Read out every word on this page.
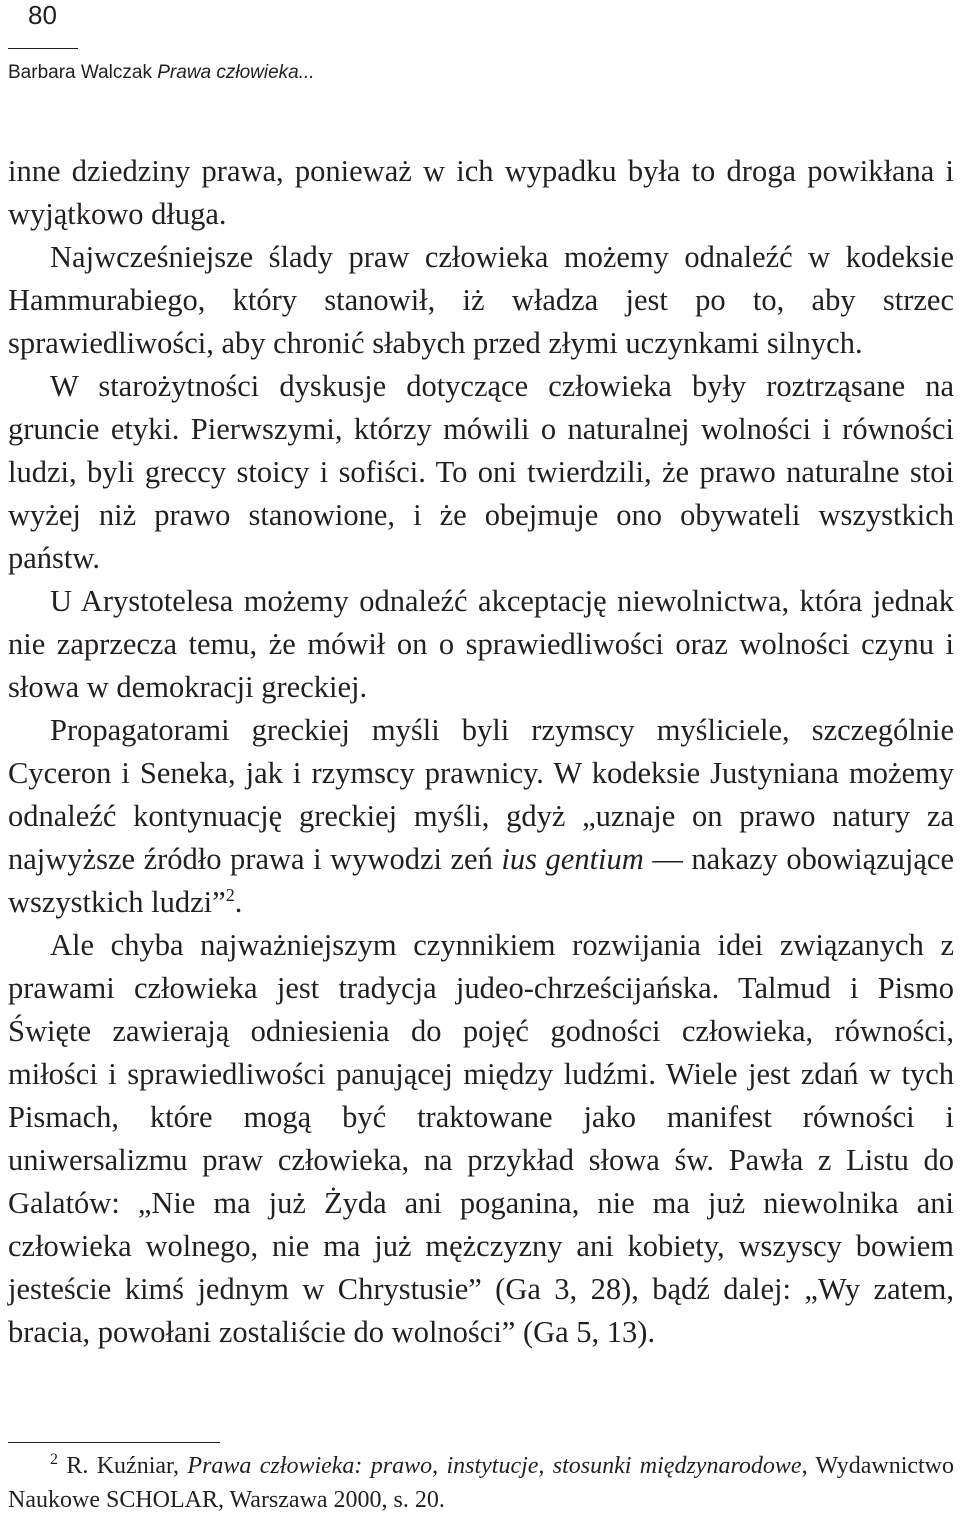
80
Barbara Walczak Prawa człowieka...

inne dziedziny prawa, ponieważ w ich wypadku była to droga powikłana i wyjątkowo długa.

Najwcześniejsze ślady praw człowieka możemy odnaleźć w kodeksie Hammurabiego, który stanowił, iż władza jest po to, aby strzec sprawiedliwości, aby chronić słabych przed złymi uczynkami silnych.

W starożytności dyskusje dotyczące człowieka były roztrząsane na gruncie etyki. Pierwszymi, którzy mówili o naturalnej wolności i równości ludzi, byli greccy stoicy i sofiści. To oni twierdzili, że prawo naturalne stoi wyżej niż prawo stanowione, i że obejmuje ono obywateli wszystkich państw.

U Arystotelesa możemy odnaleźć akceptację niewolnictwa, która jednak nie zaprzecza temu, że mówił on o sprawiedliwości oraz wolności czynu i słowa w demokracji greckiej.

Propagatorami greckiej myśli byli rzymscy myśliciele, szczególnie Cyceron i Seneka, jak i rzymscy prawnicy. W kodeksie Justyniana możemy odnaleźć kontynuację greckiej myśli, gdyż „uznaje on prawo natury za najwyższe źródło prawa i wywodzi zeń ius gentium — nakazy obowiązujące wszystkich ludzi”$^2$.

Ale chyba najważniejszym czynnikiem rozwijania idei związanych z prawami człowieka jest tradycja judeo-chrześcijańska. Talmud i Pismo Święte zawierają odniesienia do pojęć godności człowieka, równości, miłości i sprawiedliwości panującej między ludźmi. Wiele jest zdań w tych Pismach, które mogą być traktowane jako manifest równości i uniwersalizmu praw człowieka, na przykład słowa św. Pawła z Listu do Galatów: „Nie ma już Żyda ani poganina, nie ma już niewolnika ani człowieka wolnego, nie ma już mężczyzny ani kobiety, wszyscy bowiem jesteście kimś jednym w Chrystusie” (Ga 3, 28), bądź dalej: „Wy zatem, bracia, powołani zostaliście do wolności” (Ga 5, 13).

$^2$ R. Kuźniar, Prawa człowieka: prawo, instytucje, stosunki międzynarodowe, Wydawnictwo Naukowe SCHOLAR, Warszawa 2000, s. 20.
